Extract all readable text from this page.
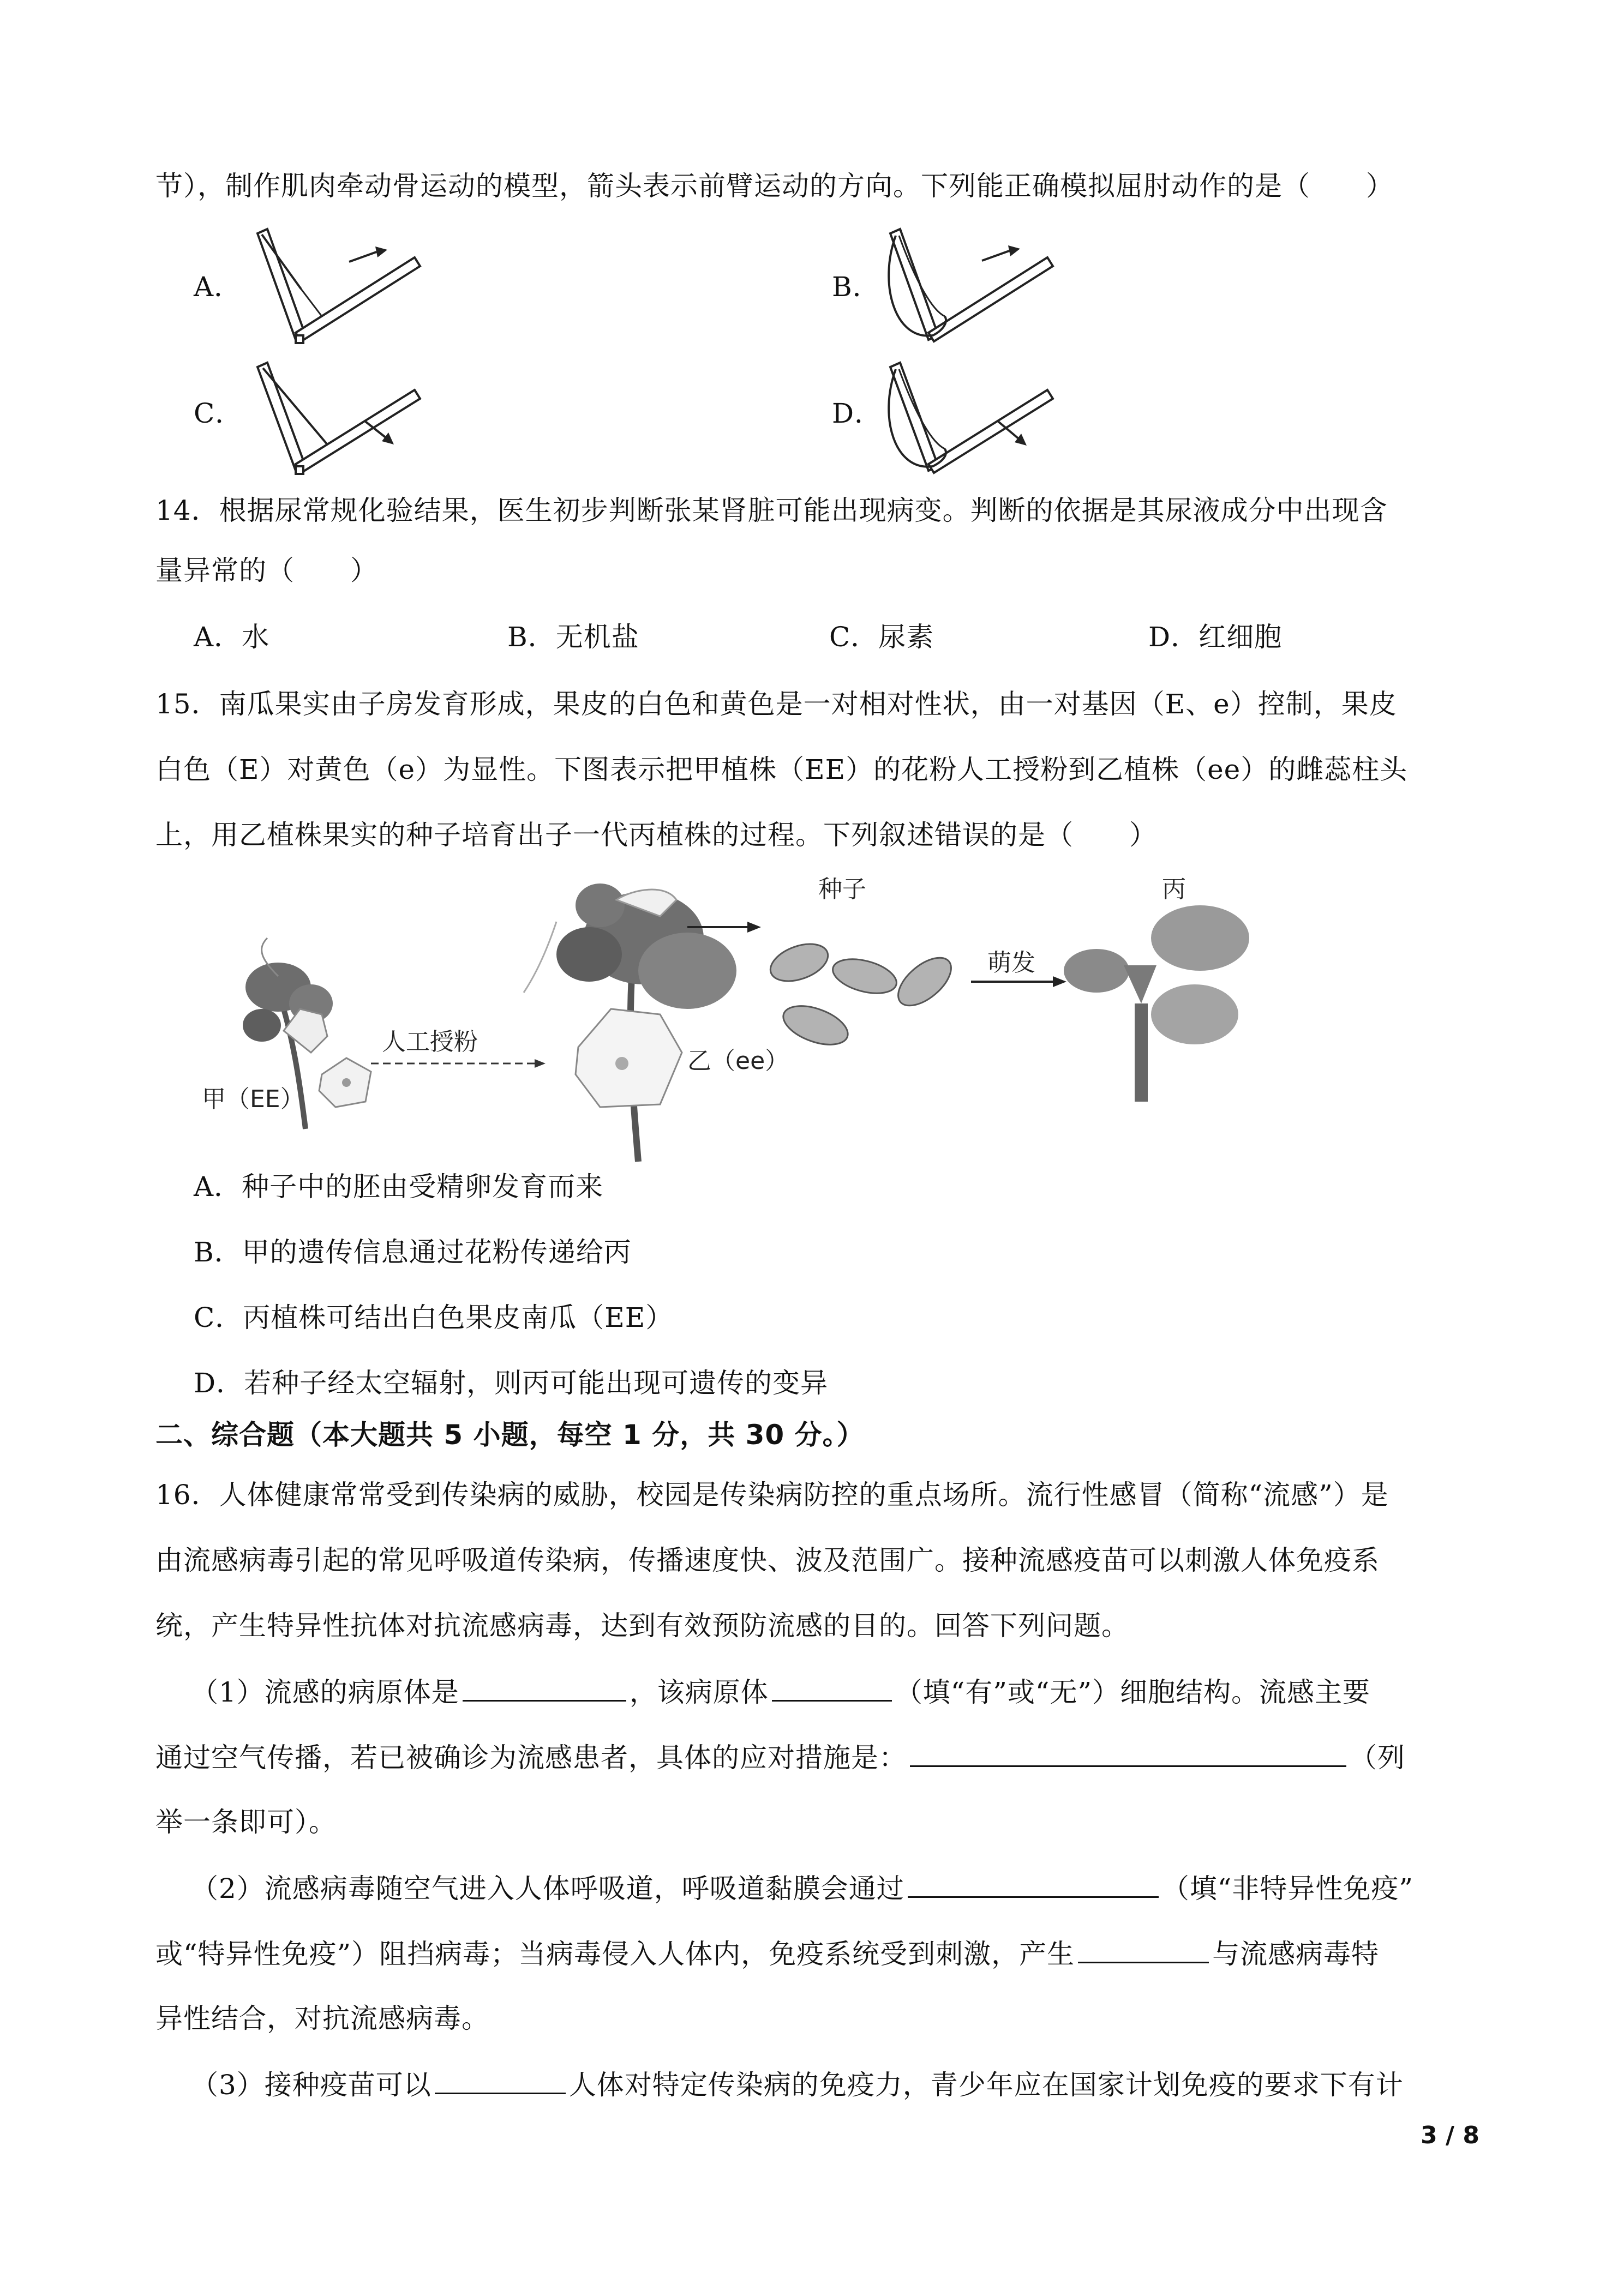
节），制作肌肉牵动骨运动的模型，箭头表示前臂运动的方向。下列能正确模拟屈肘动作的是（　　）
A．	B．
C．	D．
14．根据尿常规化验结果，医生初步判断张某肾脏可能出现病变。判断的依据是其尿液成分中出现含
量异常的（　　）
A．水	B．无机盐	C．尿素	D．红细胞
15．南瓜果实由子房发育形成，果皮的白色和黄色是一对相对性状，由一对基因（E、e）控制，果皮
白色（E）对黄色（e）为显性。下图表示把甲植株（EE）的花粉人工授粉到乙植株（ee）的雌蕊柱头
上，用乙植株果实的种子培育出子一代丙植株的过程。下列叙述错误的是（　　）
甲（EE）
人工授粉
乙（ee）
种子
萌发
丙
A．种子中的胚由受精卵发育而来
B．甲的遗传信息通过花粉传递给丙
C．丙植株可结出白色果皮南瓜（EE）
D．若种子经太空辐射，则丙可能出现可遗传的变异
二、综合题（本大题共 5 小题，每空 1 分，共 30 分。）
16．人体健康常常受到传染病的威胁，校园是传染病防控的重点场所。流行性感冒（简称“流感”）是
由流感病毒引起的常见呼吸道传染病，传播速度快、波及范围广。接种流感疫苗可以刺激人体免疫系
统，产生特异性抗体对抗流感病毒，达到有效预防流感的目的。回答下列问题。
（1）流感的病原体是	，该病原体	（填“有”或“无”）细胞结构。流感主要
通过空气传播，若已被确诊为流感患者，具体的应对措施是：	（列
举一条即可）。
（2）流感病毒随空气进入人体呼吸道，呼吸道黏膜会通过	（填“非特异性免疫”
或“特异性免疫”）阻挡病毒；当病毒侵入人体内，免疫系统受到刺激，产生	与流感病毒特
异性结合，对抗流感病毒。
（3）接种疫苗可以	人体对特定传染病的免疫力，青少年应在国家计划免疫的要求下有计
3 / 8
